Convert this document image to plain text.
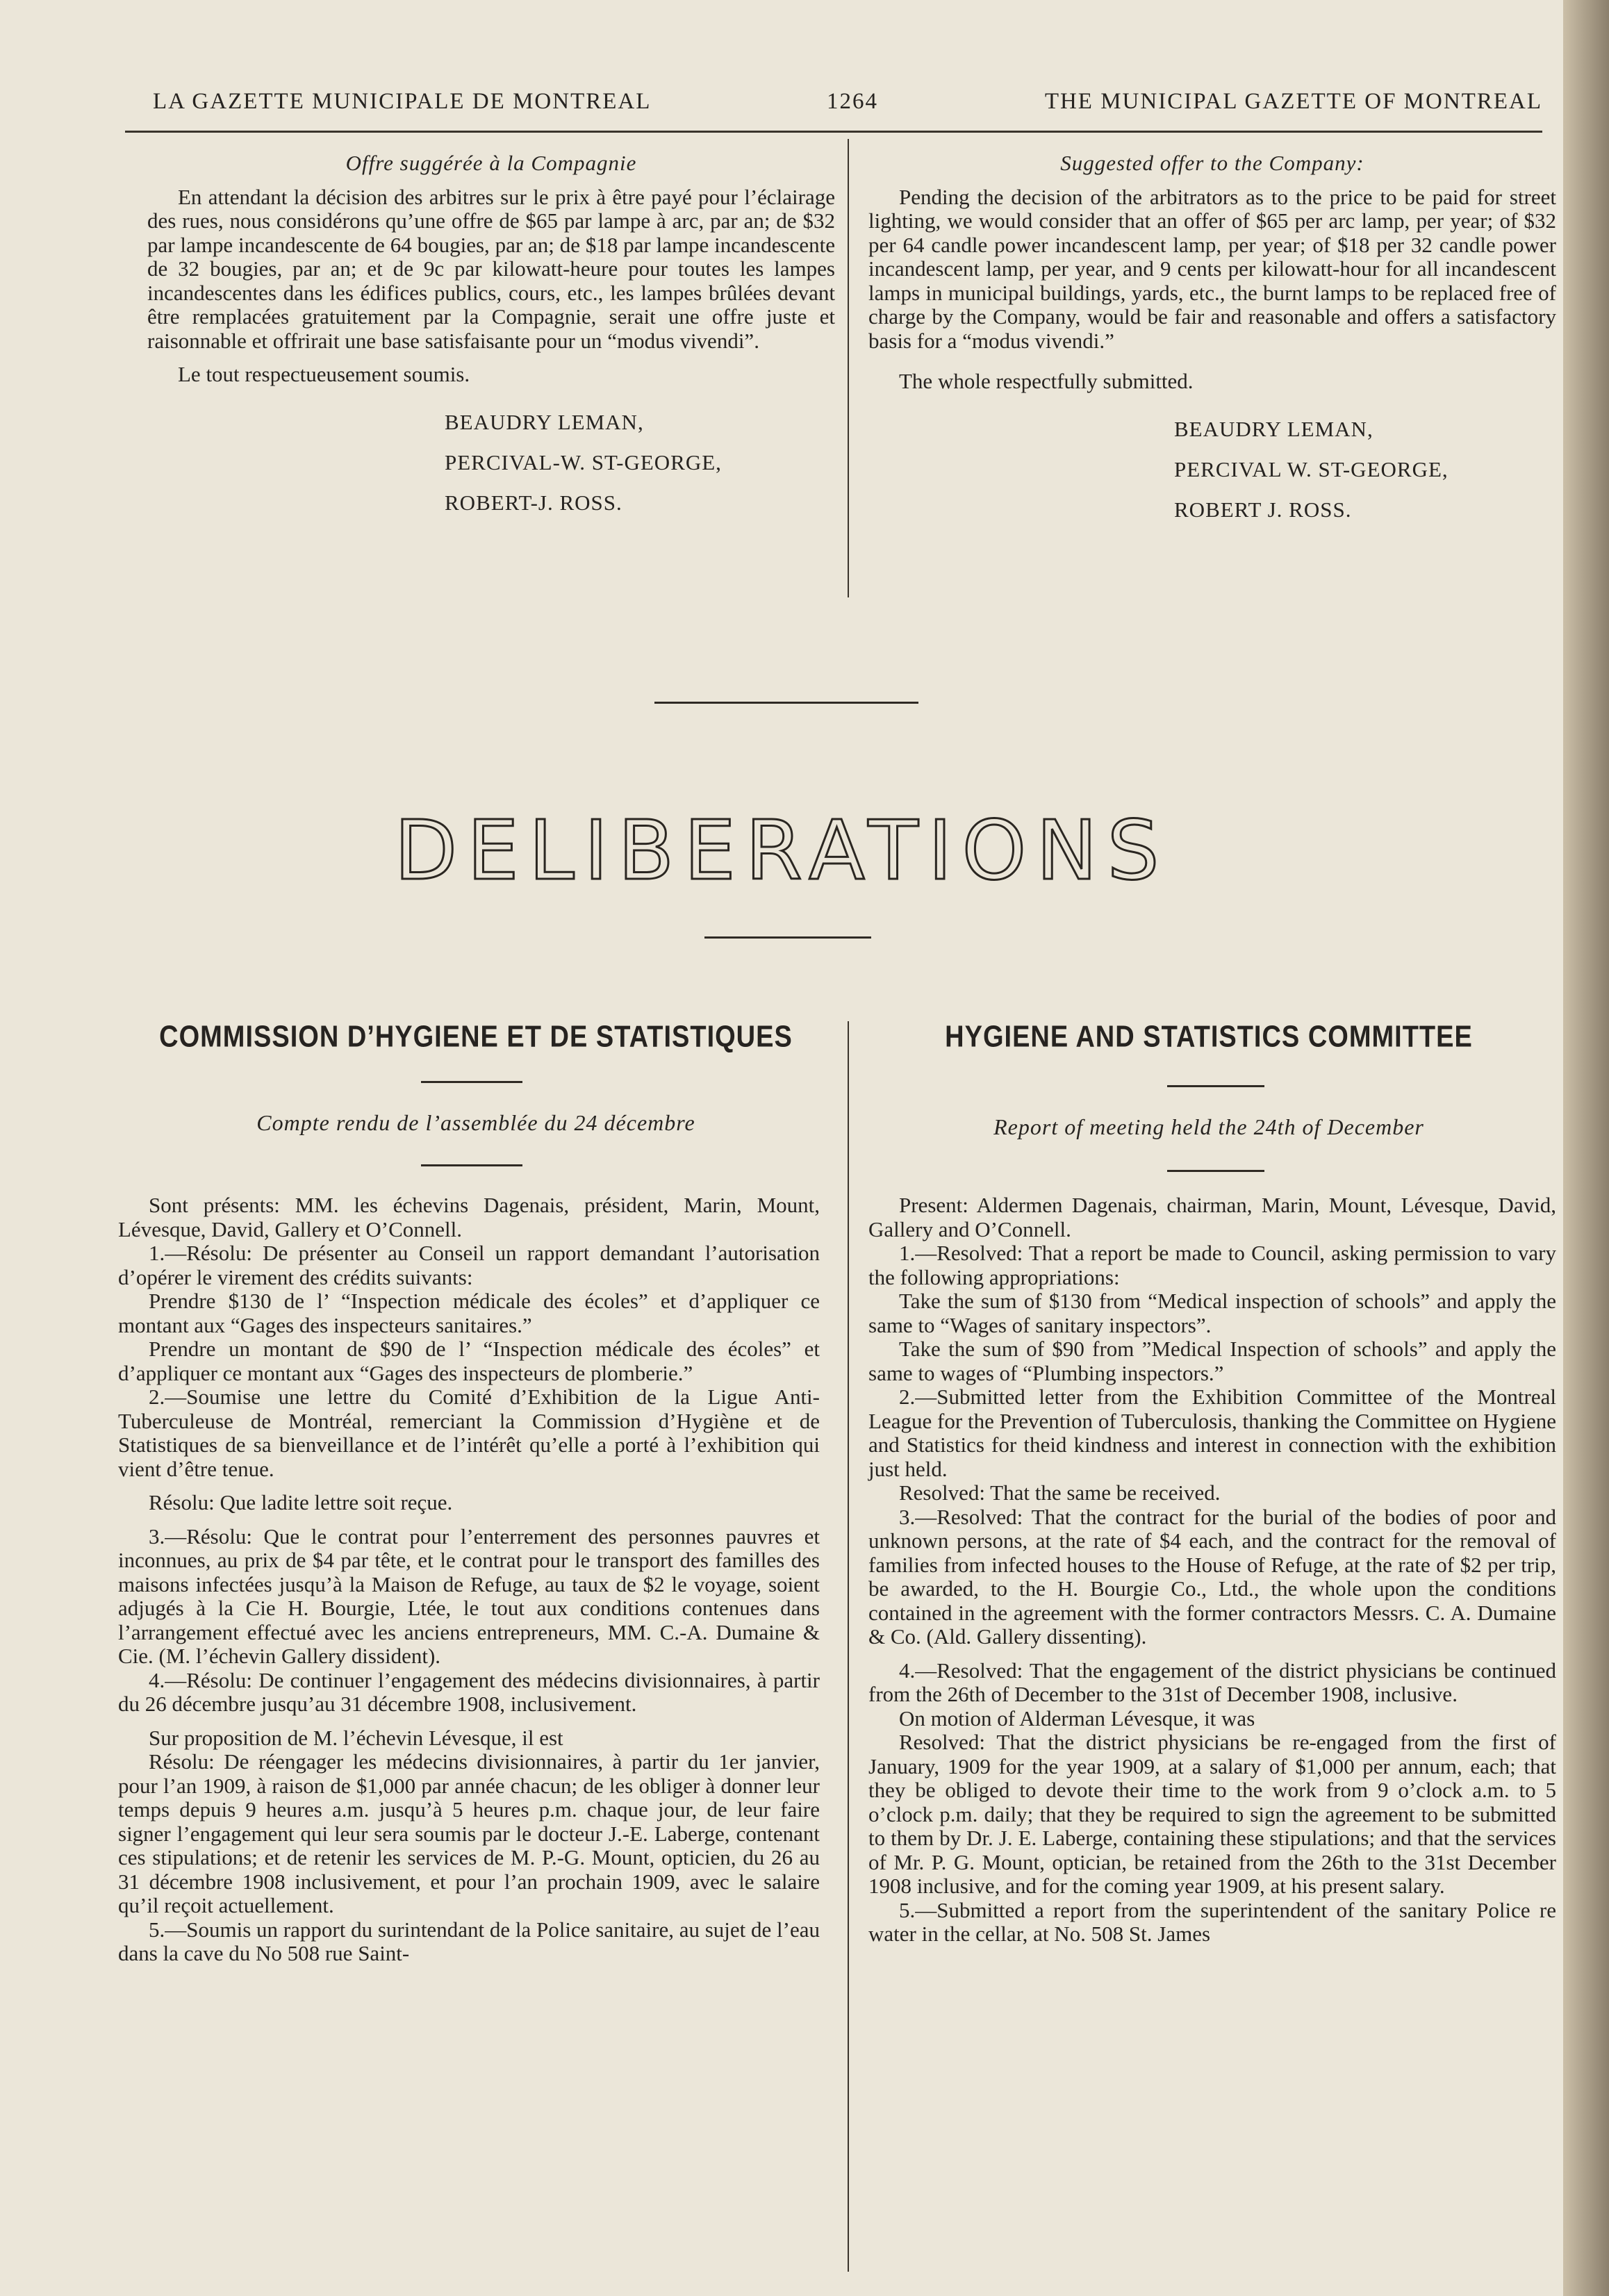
LA GAZETTE MUNICIPALE DE MONTREAL	1264	THE MUNICIPAL GAZETTE OF MONTREAL

Offre suggérée à la Compagnie

En attendant la décision des arbitres sur le prix à être payé pour l’éclairage des rues, nous considérons qu’une offre de $65 par lampe à arc, par an; de $32 par lampe incandescente de 64 bougies, par an; de $18 par lampe incandescente de 32 bougies, par an; et de 9c par kilowatt-heure pour toutes les lampes incandescentes dans les édifices publics, cours, etc., les lampes brûlées devant être remplacées gratuitement par la Compagnie, serait une offre juste et raisonnable et offrirait une base satisfaisante pour un “modus vivendi”.

Le tout respectueusement soumis.

BEAUDRY LEMAN,

PERCIVAL-W. ST-GEORGE,

ROBERT-J. ROSS.

Suggested offer to the Company:

Pending the decision of the arbitrators as to the price to be paid for street lighting, we would consider that an offer of $65 per arc lamp, per year; of $32 per 64 candle power incandescent lamp, per year; of $18 per 32 candle power incandescent lamp, per year, and 9 cents per kilowatt-hour for all incandescent lamps in municipal buildings, yards, etc., the burnt lamps to be replaced free of charge by the Company, would be fair and reasonable and offers a satisfactory basis for a “modus vivendi.”

The whole respectfully submitted.

BEAUDRY LEMAN,

PERCIVAL W. ST-GEORGE,

ROBERT J. ROSS.

DELIBERATIONS
COMMISSION D’HYGIENE ET DE STATISTIQUES
Compte rendu de l’assemblée du 24 décembre
HYGIENE AND STATISTICS COMMITTEE
Report of meeting held the 24th of December

Sont présents: MM. les échevins Dagenais, président, Marin, Mount, Lévesque, David, Gallery et O’Connell.

1.—Résolu: De présenter au Conseil un rapport demandant l’autorisation d’opérer le virement des crédits suivants:

Prendre $130 de l’ “Inspection médicale des écoles” et d’appliquer ce montant aux “Gages des inspecteurs sanitaires.”

Prendre un montant de $90 de l’ “Inspection médicale des écoles” et d’appliquer ce montant aux “Gages des inspecteurs de plomberie.”

2.—Soumise une lettre du Comité d’Exhibition de la Ligue Anti-Tuberculeuse de Montréal, remerciant la Commission d’Hygiène et de Statistiques de sa bienveillance et de l’intérêt qu’elle a porté à l’exhibition qui vient d’être tenue.

Résolu: Que ladite lettre soit reçue.

3.—Résolu: Que le contrat pour l’enterrement des personnes pauvres et inconnues, au prix de $4 par tête, et le contrat pour le transport des familles des maisons infectées jusqu’à la Maison de Refuge, au taux de $2 le voyage, soient adjugés à la Cie H. Bourgie, Ltée, le tout aux conditions contenues dans l’arrangement effectué avec les anciens entrepreneurs, MM. C.-A. Dumaine & Cie. (M. l’échevin Gallery dissident).

4.—Résolu: De continuer l’engagement des médecins divisionnaires, à partir du 26 décembre jusqu’au 31 décembre 1908, inclusivement.

Sur proposition de M. l’échevin Lévesque, il est

Résolu: De réengager les médecins divisionnaires, à partir du 1er janvier, pour l’an 1909, à raison de $1,000 par année chacun; de les obliger à donner leur temps depuis 9 heures a.m. jusqu’à 5 heures p.m. chaque jour, de leur faire signer l’engagement qui leur sera soumis par le docteur J.-E. Laberge, contenant ces stipulations; et de retenir les services de M. P.-G. Mount, opticien, du 26 au 31 décembre 1908 inclusivement, et pour l’an prochain 1909, avec le salaire qu’il reçoit actuellement.

5.—Soumis un rapport du surintendant de la Police sanitaire, au sujet de l’eau dans la cave du No 508 rue Saint-

Present: Aldermen Dagenais, chairman, Marin, Mount, Lévesque, David, Gallery and O’Connell.

1.—Resolved: That a report be made to Council, asking permission to vary the following appropriations:

Take the sum of $130 from “Medical inspection of schools” and apply the same to “Wages of sanitary inspectors”.

Take the sum of $90 from ”Medical Inspection of schools” and apply the same to wages of “Plumbing inspectors.”

2.—Submitted letter from the Exhibition Committee of the Montreal League for the Prevention of Tuberculosis, thanking the Committee on Hygiene and Statistics for theid kindness and interest in connection with the exhibition just held.

Resolved: That the same be received.

3.—Resolved: That the contract for the burial of the bodies of poor and unknown persons, at the rate of $4 each, and the contract for the removal of families from infected houses to the House of Refuge, at the rate of $2 per trip, be awarded, to the H. Bourgie Co., Ltd., the whole upon the conditions contained in the agreement with the former contractors Messrs. C. A. Dumaine & Co. (Ald. Gallery dissenting).

4.—Resolved: That the engagement of the district physicians be continued from the 26th of December to the 31st of December 1908, inclusive.

On motion of Alderman Lévesque, it was

Resolved: That the district physicians be re-engaged from the first of January, 1909 for the year 1909, at a salary of $1,000 per annum, each; that they be obliged to devote their time to the work from 9 o’clock a.m. to 5 o’clock p.m. daily; that they be required to sign the agreement to be submitted to them by Dr. J. E. Laberge, containing these stipulations; and that the services of Mr. P. G. Mount, optician, be retained from the 26th to the 31st December 1908 inclusive, and for the coming year 1909, at his present salary.

5.—Submitted a report from the superintendent of the sanitary Police re water in the cellar, at No. 508 St. James
